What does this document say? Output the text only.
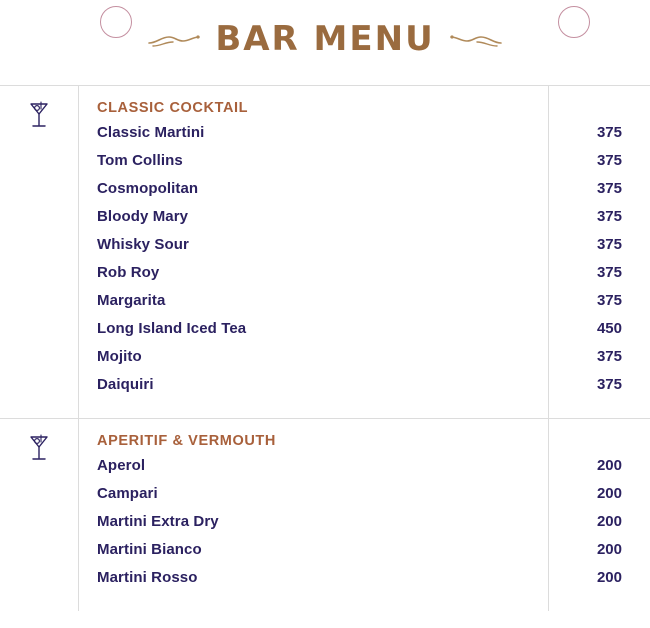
BAR MENU
CLASSIC COCKTAIL
Classic Martini	375
Tom Collins	375
Cosmopolitan	375
Bloody Mary	375
Whisky Sour	375
Rob Roy	375
Margarita	375
Long Island Iced Tea	450
Mojito	375
Daiquiri	375
APERITIF & VERMOUTH
Aperol	200
Campari	200
Martini Extra Dry	200
Martini Bianco	200
Martini Rosso	200
